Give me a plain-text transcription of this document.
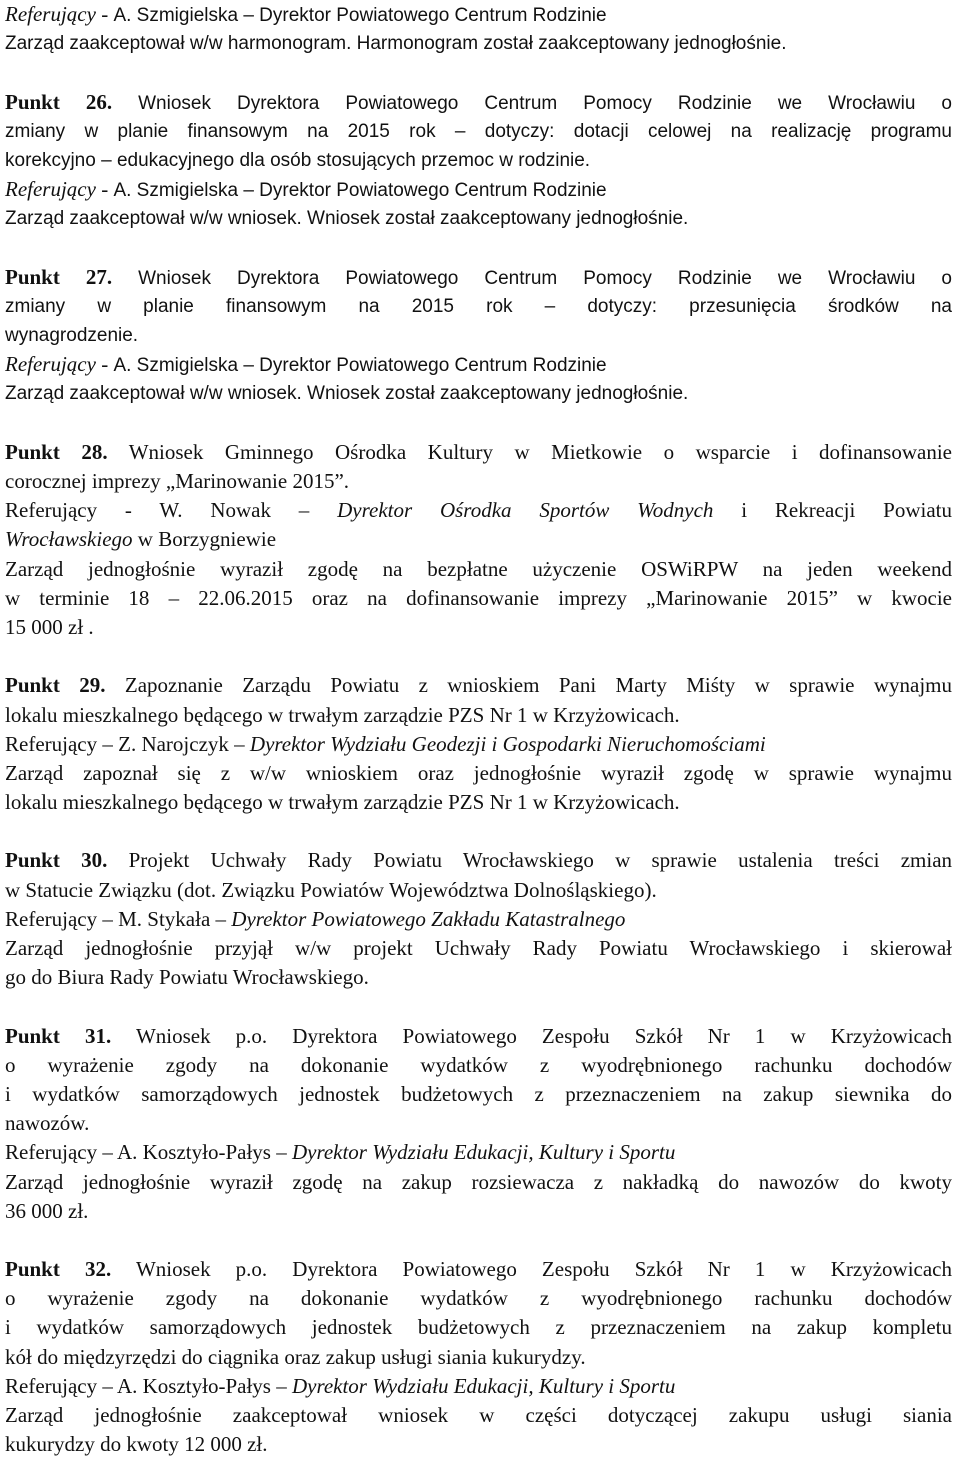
Referujący - A. Szmigielska – Dyrektor Powiatowego Centrum Rodzinie
Zarząd zaakceptował w/w harmonogram. Harmonogram został zaakceptowany jednogłośnie.
Punkt 26. Wniosek Dyrektora Powiatowego Centrum Pomocy Rodzinie we Wrocławiu o
zmiany w planie finansowym na 2015 rok – dotyczy: dotacji celowej na realizację programu
korekcyjno – edukacyjnego dla osób stosujących przemoc w rodzinie.
Referujący - A. Szmigielska – Dyrektor Powiatowego Centrum Rodzinie
Zarząd zaakceptował w/w wniosek. Wniosek został zaakceptowany jednogłośnie.
Punkt 27. Wniosek Dyrektora Powiatowego Centrum Pomocy Rodzinie we Wrocławiu o
zmiany w planie finansowym na 2015 rok – dotyczy: przesunięcia środków na
wynagrodzenie.
Referujący - A. Szmigielska – Dyrektor Powiatowego Centrum Rodzinie
Zarząd zaakceptował w/w wniosek. Wniosek został zaakceptowany jednogłośnie.
Punkt 28. Wniosek Gminnego Ośrodka Kultury w Mietkowie o wsparcie i dofinansowanie
corocznej imprezy „Marinowanie 2015”.
Referujący - W. Nowak – Dyrektor Ośrodka Sportów Wodnych i Rekreacji Powiatu
Wrocławskiego w Borzygniewie
Zarząd jednogłośnie wyraził zgodę na bezpłatne użyczenie OSWiRPW na jeden weekend
w terminie 18 – 22.06.2015 oraz na dofinansowanie imprezy „Marinowanie 2015” w kwocie
15 000 zł .
Punkt 29. Zapoznanie Zarządu Powiatu z wnioskiem Pani Marty Miśty w sprawie wynajmu
lokalu mieszkalnego będącego w trwałym zarządzie PZS Nr 1 w Krzyżowicach.
Referujący – Z. Narojczyk – Dyrektor Wydziału Geodezji i Gospodarki Nieruchomościami
Zarząd zapoznał się z w/w wnioskiem oraz jednogłośnie wyraził zgodę w sprawie wynajmu
lokalu mieszkalnego będącego w trwałym zarządzie PZS Nr 1 w Krzyżowicach.
Punkt 30. Projekt Uchwały Rady Powiatu Wrocławskiego w sprawie ustalenia treści zmian
w Statucie Związku (dot. Związku Powiatów Województwa Dolnośląskiego).
Referujący – M. Stykała – Dyrektor Powiatowego Zakładu Katastralnego
Zarząd jednogłośnie przyjął w/w projekt Uchwały Rady Powiatu Wrocławskiego i skierował
go do Biura Rady Powiatu Wrocławskiego.
Punkt 31. Wniosek p.o. Dyrektora Powiatowego Zespołu Szkół Nr 1 w Krzyżowicach
o wyrażenie zgody na dokonanie wydatków z wyodrębnionego rachunku dochodów
i wydatków samorządowych jednostek budżetowych z przeznaczeniem na zakup siewnika do
nawozów.
Referujący – A. Kosztyło-Pałys – Dyrektor Wydziału Edukacji, Kultury i Sportu
Zarząd jednogłośnie wyraził zgodę na zakup rozsiewacza z nakładką do nawozów do kwoty
36 000 zł.
Punkt 32. Wniosek p.o. Dyrektora Powiatowego Zespołu Szkół Nr 1 w Krzyżowicach
o wyrażenie zgody na dokonanie wydatków z wyodrębnionego rachunku dochodów
i wydatków samorządowych jednostek budżetowych z przeznaczeniem na zakup kompletu
kół do międzyrzędzi do ciągnika oraz zakup usługi siania kukurydzy.
Referujący – A. Kosztyło-Pałys – Dyrektor Wydziału Edukacji, Kultury i Sportu
Zarząd jednogłośnie zaakceptował wniosek w części dotyczącej zakupu usługi siania
kukurydzy do kwoty 12 000 zł.
